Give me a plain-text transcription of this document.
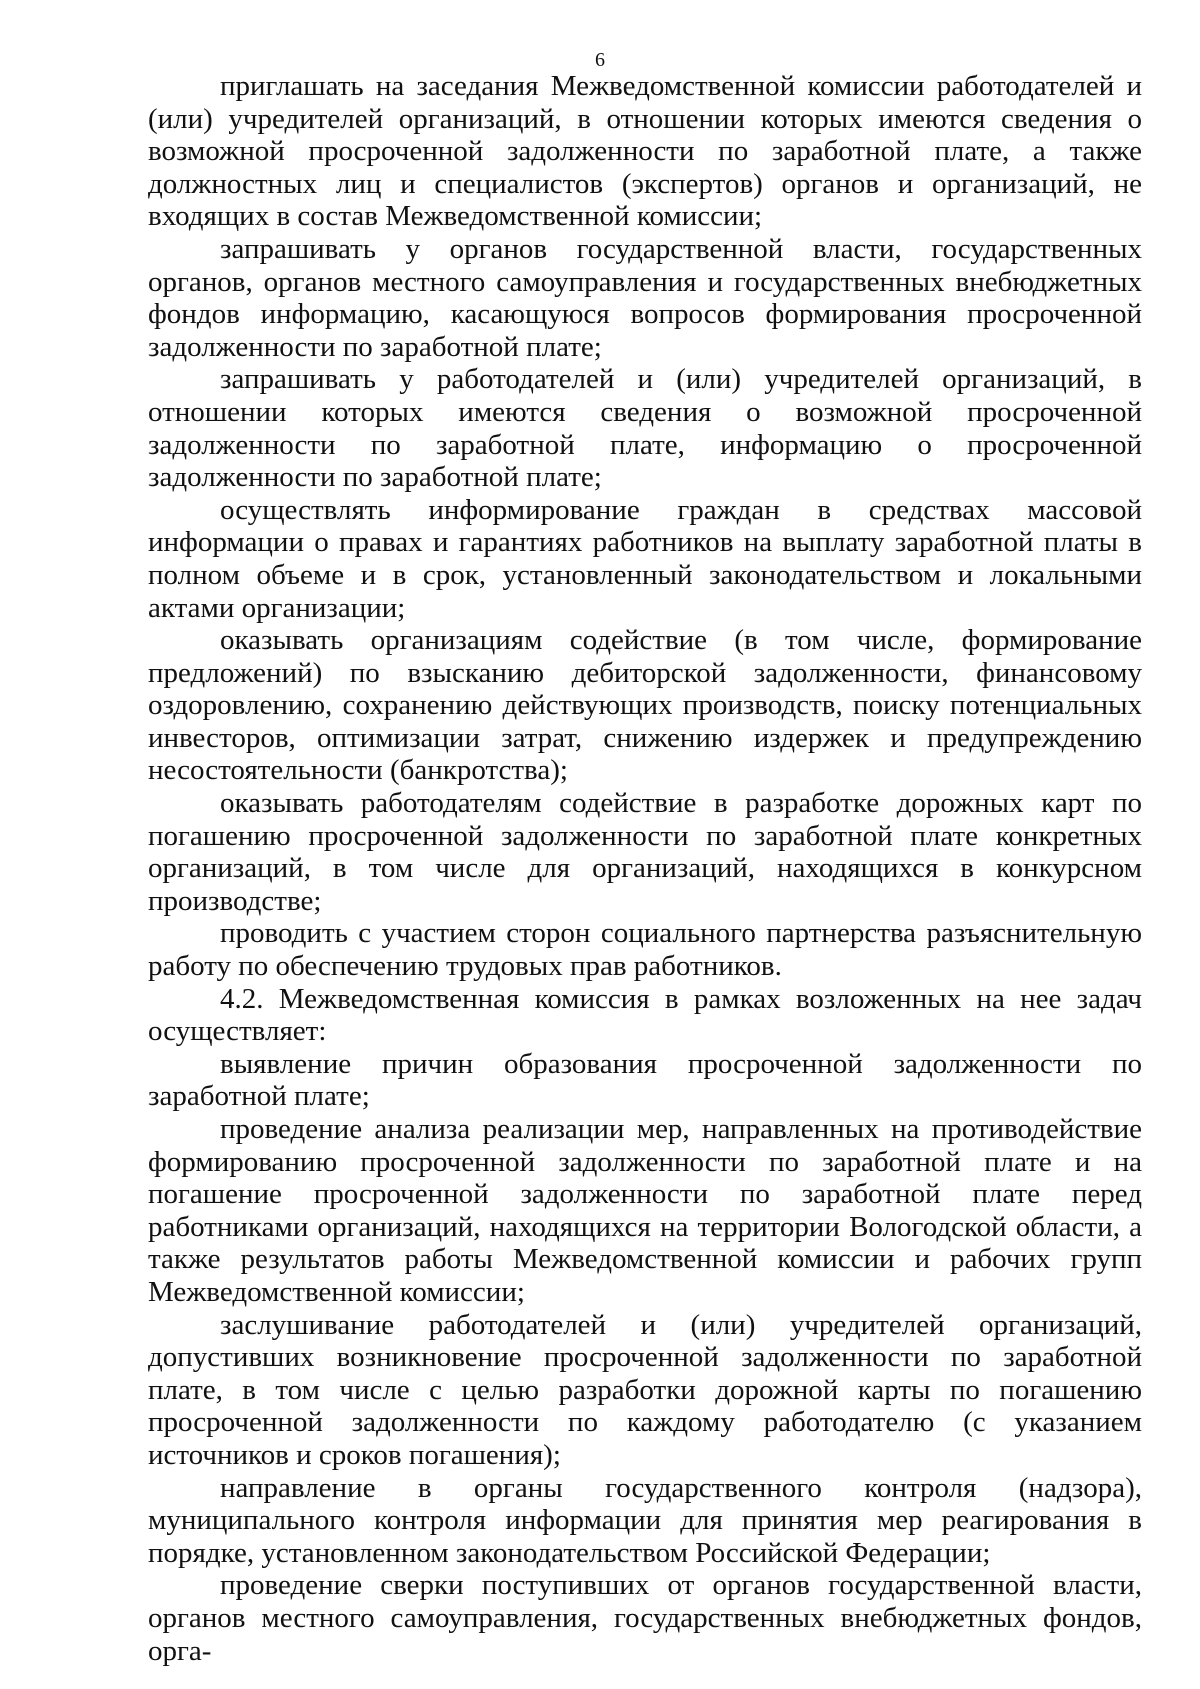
6

приглашать на заседания Межведомственной комиссии работодателей и (или) учредителей организаций, в отношении которых имеются сведения о возможной просроченной задолженности по заработной плате, а также должностных лиц и специалистов (экспертов) органов и организаций, не входящих в состав Межведомственной комиссии;

запрашивать у органов государственной власти, государственных органов, органов местного самоуправления и государственных внебюджетных фондов информацию, касающуюся вопросов формирования просроченной задолженности по заработной плате;

запрашивать у работодателей и (или) учредителей организаций, в отношении которых имеются сведения о возможной просроченной задолженности по заработной плате, информацию о просроченной задолженности по заработной плате;

осуществлять информирование граждан в средствах массовой информации о правах и гарантиях работников на выплату заработной платы в полном объеме и в срок, установленный законодательством и локальными актами организации;

оказывать организациям содействие (в том числе, формирование предложений) по взысканию дебиторской задолженности, финансовому оздоровлению, сохранению действующих производств, поиску потенциальных инвесторов, оптимизации затрат, снижению издержек и предупреждению несостоятельности (банкротства);

оказывать работодателям содействие в разработке дорожных карт по погашению просроченной задолженности по заработной плате конкретных организаций, в том числе для организаций, находящихся в конкурсном производстве;

проводить с участием сторон социального партнерства разъяснительную работу по обеспечению трудовых прав работников.

4.2. Межведомственная комиссия в рамках возложенных на нее задач осуществляет:

выявление причин образования просроченной задолженности по заработной плате;

проведение анализа реализации мер, направленных на противодействие формированию просроченной задолженности по заработной плате и на погашение просроченной задолженности по заработной плате перед работниками организаций, находящихся на территории Вологодской области, а также результатов работы Межведомственной комиссии и рабочих групп Межведомственной комиссии;

заслушивание работодателей и (или) учредителей организаций, допустивших возникновение просроченной задолженности по заработной плате, в том числе с целью разработки дорожной карты по погашению просроченной задолженности по каждому работодателю (с указанием источников и сроков погашения);

направление в органы государственного контроля (надзора), муниципального контроля информации для принятия мер реагирования в порядке, установленном законодательством Российской Федерации;

проведение сверки поступивших от органов государственной власти, органов местного самоуправления, государственных внебюджетных фондов, орга-
